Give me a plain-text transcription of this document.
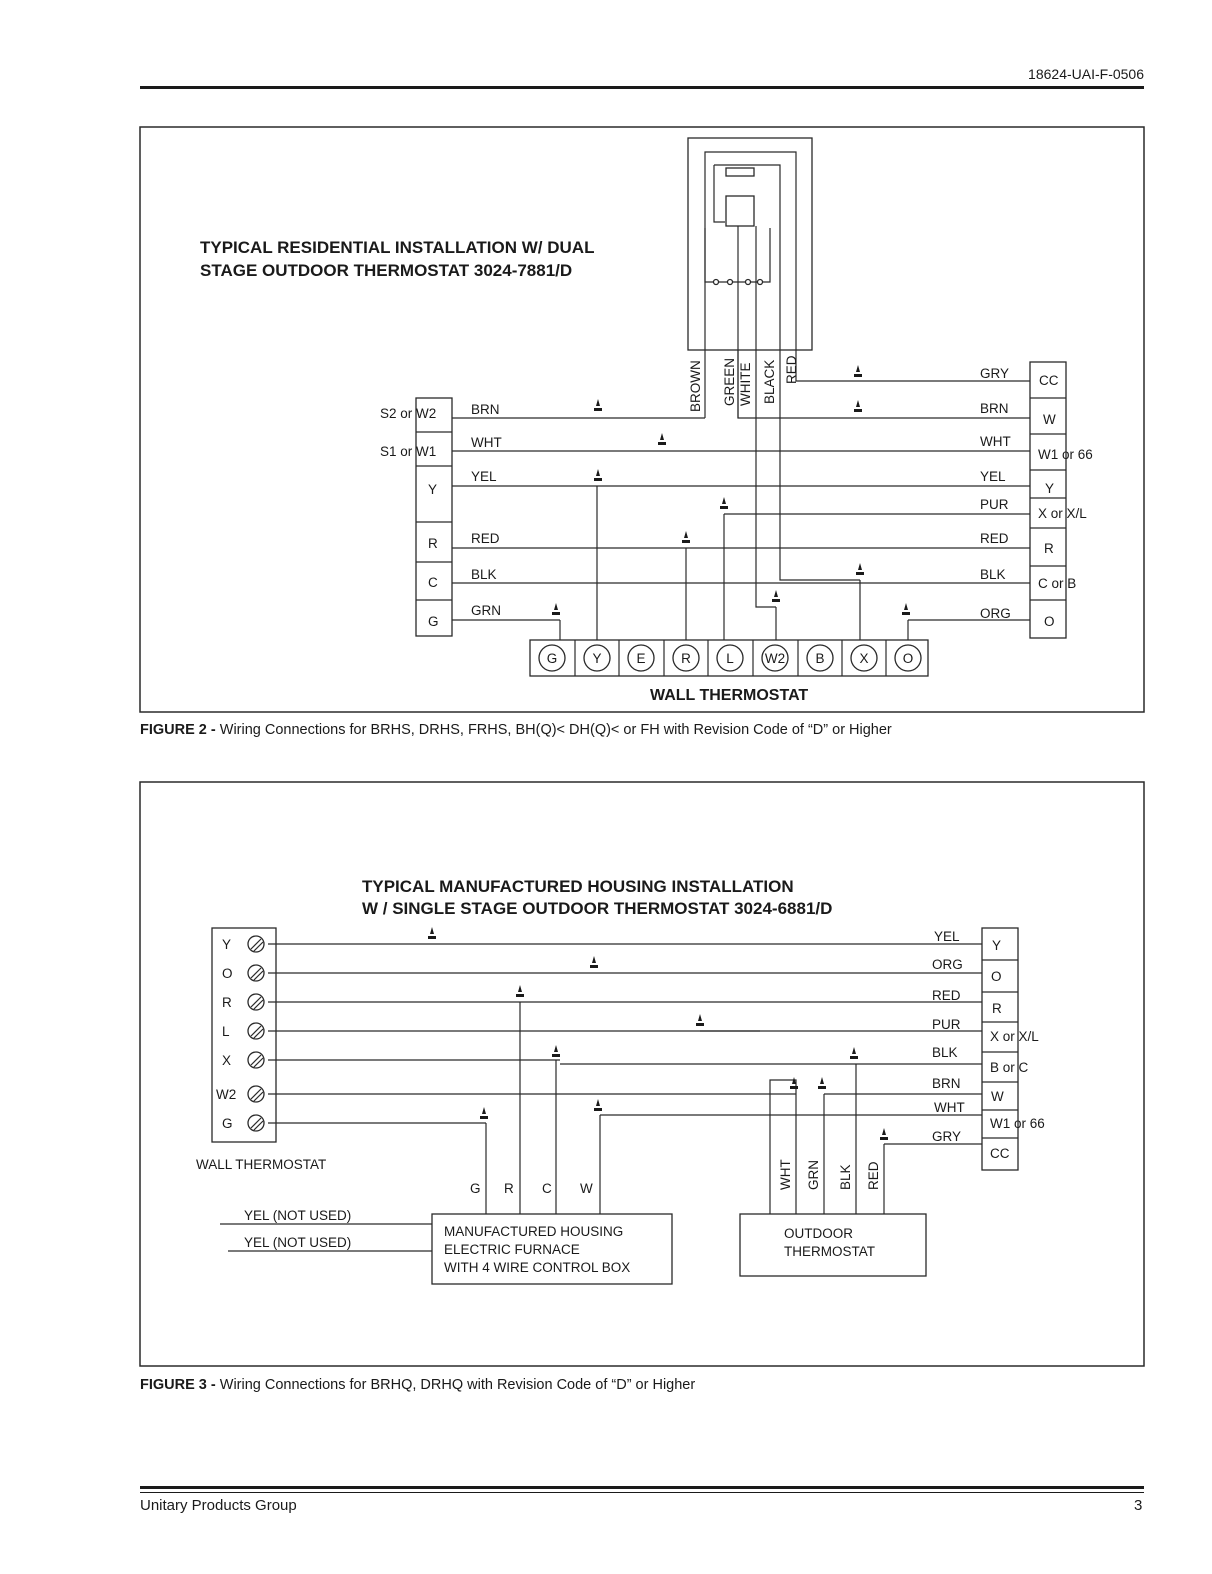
18624-UAI-F-0506
TYPICAL RESIDENTIAL INSTALLATION W/ DUAL
STAGE OUTDOOR THERMOSTAT 3024-7881/D
BROWN GREEN WHITE BLACK RED
S2 or W2
S1 or W1
Y
R
C
G
CC
W
W1 or 66
Y
X or X/L
R
C or B
O
BRN
WHT
YEL
RED
BLK
GRN
GRY
BRN
WHT
YEL
PUR
RED
BLK
ORG
G	Y	E	R	L W2 B	X	O
WALL THERMOSTAT
TYPICAL MANUFACTURED HOUSING INSTALLATION
W / SINGLE STAGE OUTDOOR THERMOSTAT 3024-6881/D
Y
O
R
L
X
W2
G
WALL THERMOSTAT
Y
O
R
X or X/L
B or C
W
W1 or 66
CC
YEL
ORG
RED
PUR
BLK
BRN
WHT
GRY
G R C W	WHT GRN BLK RED
YEL (NOT USED)
YEL (NOT USED)
MANUFACTURED HOUSING
ELECTRIC FURNACE
WITH 4 WIRE CONTROL BOX
OUTDOOR
THERMOSTAT
FIGURE 2 - Wiring Connections for BRHS, DRHS, FRHS, BH(Q)< DH(Q)< or FH with Revision Code of “D” or Higher
FIGURE 3 - Wiring Connections for BRHQ, DRHQ with Revision Code of “D” or Higher
Unitary Products Group	3
